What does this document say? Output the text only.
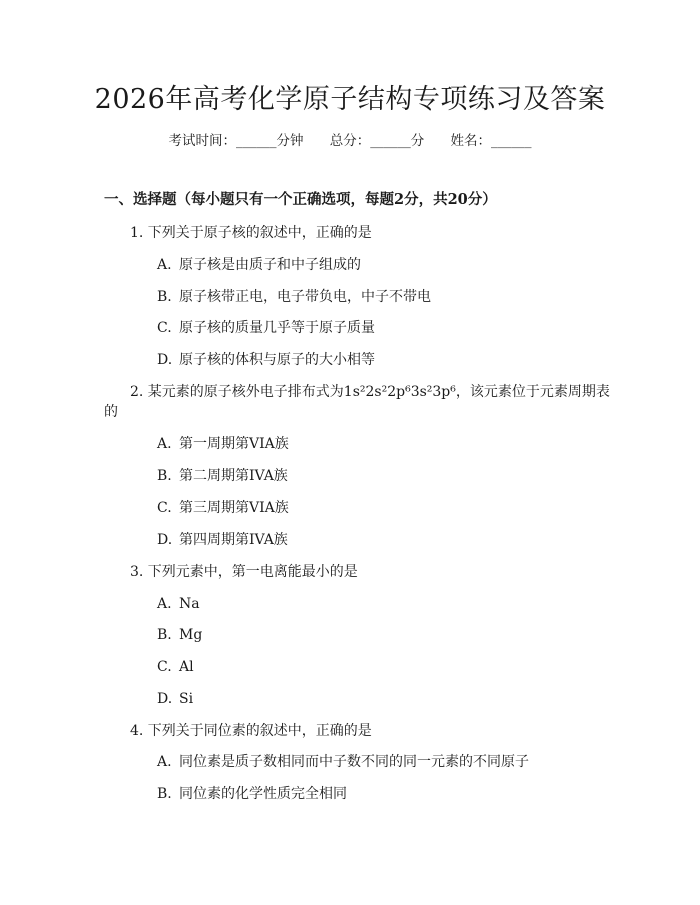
2026年高考化学原子结构专项练习及答案
考试时间：______分钟 总分：______分 姓名：______
一、选择题（每小题只有一个正确选项，每题2分，共20分）
1. 下列关于原子核的叙述中，正确的是
A. 原子核是由质子和中子组成的
B. 原子核带正电，电子带负电，中子不带电
C. 原子核的质量几乎等于原子质量
D. 原子核的体积与原子的大小相等
2. 某元素的原子核外电子排布式为1s²2s²2p⁶3s²3p⁶，该元素位于元素周期表的
A. 第一周期第VIA族
B. 第二周期第IVA族
C. 第三周期第VIA族
D. 第四周期第IVA族
3. 下列元素中，第一电离能最小的是
A. Na
B. Mg
C. Al
D. Si
4. 下列关于同位素的叙述中，正确的是
A. 同位素是质子数相同而中子数不同的同一元素的不同原子
B. 同位素的化学性质完全相同
